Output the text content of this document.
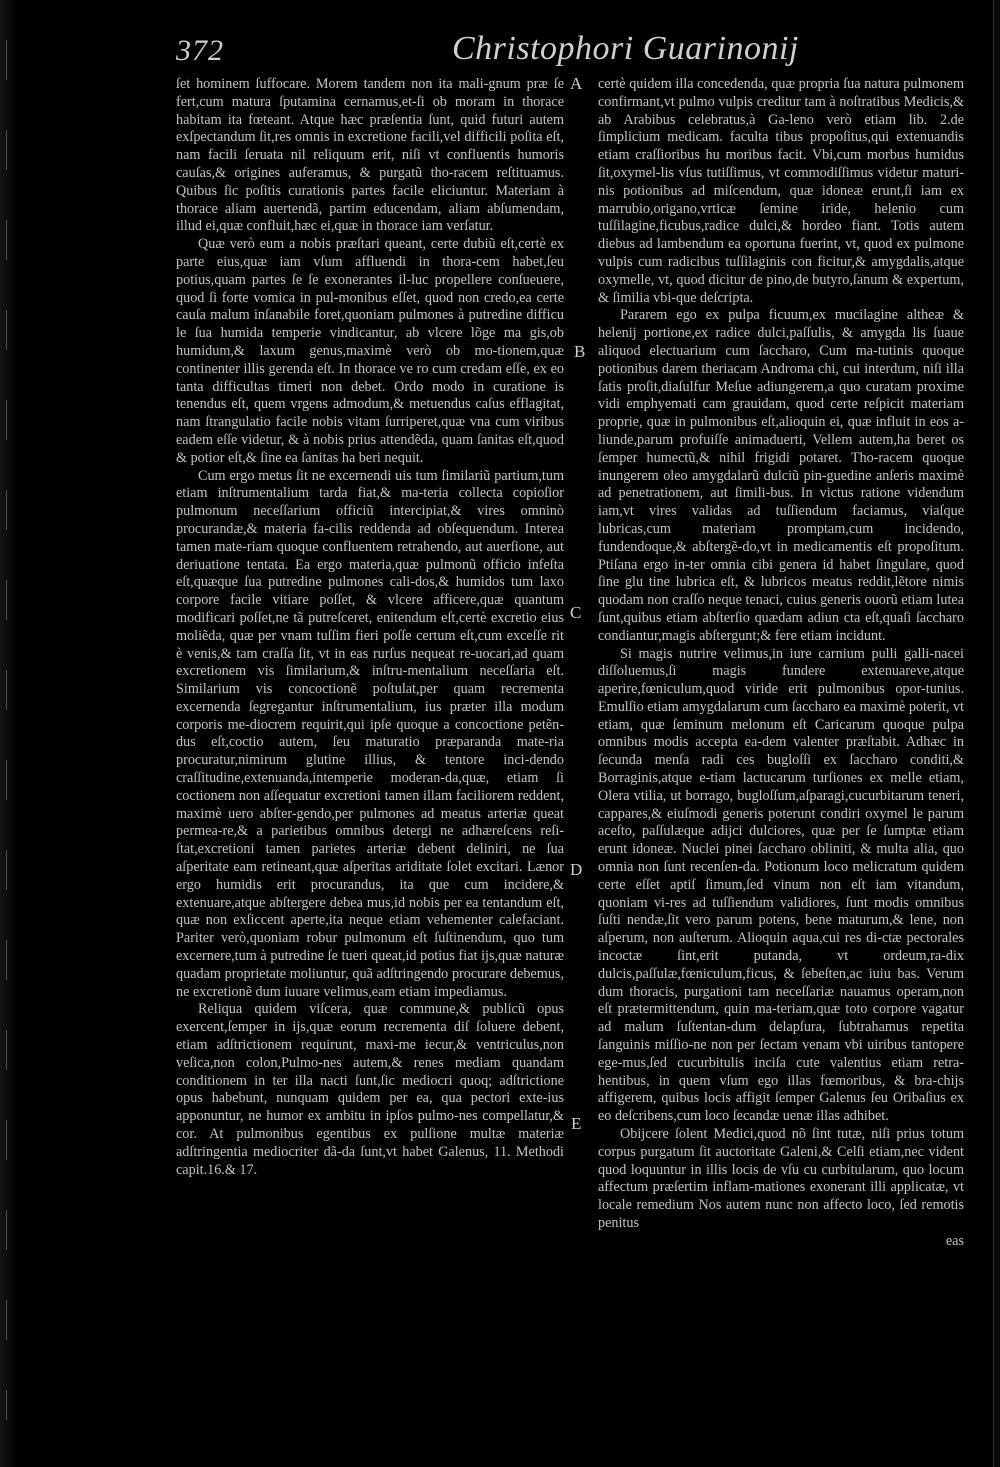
372	Christophori Guarinonij
A
B
C
D
E

ſet hominem ſuffocare. Morem tandem non ita mali-gnum præ ſe fert,cum matura ſputamina cernamus,et-ſi ob moram in thorace habitam ita fœteant. Atque hæc præſentia ſunt, quid futuri autem exſpectandum ſit,res omnis in excretione facili,vel difficili poſita eſt, nam facili ſeruata nil reliquum erit, niſi vt confluentis humoris cauſas,& origines auferamus, & purgatũ tho-racem reſtituamus. Quibus ſic poſitis curationis partes facile eliciuntur. Materiam à thorace aliam auertendã, partim educendam, aliam abſumendam, illud ei,quæ confluit,hæc ei,quæ in thorace iam verſatur.

Quæ verò eum a nobis præſtari queant, certe dubiũ eſt,certè ex parte eius,quæ iam vſum affluendi in thora-cem habet,ſeu potius,quam partes ſe ſe exonerantes il-luc propellere conſueuere, quod ſi forte vomica in pul-monibus eſſet, quod non credo,ea certe cauſa malum inſanabile foret,quoniam pulmones à putredine difficu le ſua humida temperie vindicantur, ab vlcere lõge ma gis,ob humidum,& laxum genus,maximè verò ob mo-tionem,quæ continenter illis gerenda eſt. In thorace ve ro cum credam eſſe, ex eo tanta difficultas timeri non debet. Ordo modo in curatione is tenendus eſt, quem vrgens admodum,& metuendus caſus efflagitat, nam ſtrangulatio facile nobis vitam ſurriperet,quæ vna cum viribus eadem eſſe videtur, & à nobis prius attendẽda, quam ſanitas eſt,quod & potior eſt,& ſine ea ſanitas ha beri nequit.

Cum ergo metus ſit ne excernendi uis tum ſimilariũ partium,tum etiam inſtrumentalium tarda fiat,& ma-teria collecta copioſior pulmonum neceſſarium officiũ intercipiat,& vires omninò procurandæ,& materia fa-cilis reddenda ad obſequendum. Interea tamen mate-riam quoque confluentem retrahendo, aut auerſione, aut deriuatione tentata. Ea ergo materia,quæ pulmonũ officio infeſta eſt,quæque ſua putredine pulmones cali-dos,& humidos tum laxo corpore facile vitiare poſſet, & vlcere afficere,quæ quantum modificari poſſet,ne tã putreſceret, enitendum eſt,certè excretio eius moliẽda, quæ per vnam tuſſim fieri poſſe certum eſt,cum exceſſe rit è venis,& tam craſſa ſit, vt in eas rurſus nequeat re-uocari,ad quam excretionem vis ſimilarium,& inſtru-mentalium neceſſaria eſt. Similarium vis concoctionẽ poſtulat,per quam recrementa excernenda ſegregantur inſtrumentalium, ius præter illa modum corporis me-diocrem requirit,qui ipſe quoque a concoctione petẽn-dus eſt,coctio autem, ſeu maturatio præparanda mate-ria procuratur,nimirum glutine illius, & tentore inci-dendo craſſitudine,extenuanda,intemperie moderan-da,quæ, etiam ſi coctionem non aſſequatur excretioni tamen illam faciliorem reddent, maximè uero abſter-gendo,per pulmones ad meatus arteriæ queat permea-re,& a parietibus omnibus detergi ne adhæreſcens reſi-ſtat,excretioni tamen parietes arteriæ debent deliniri, ne ſua aſperitate eam retineant,quæ aſperitas ariditate ſolet excitari. Lænor ergo humidis erit procurandus, ita que cum incidere,& extenuare,atque abſtergere debea mus,id nobis per ea tentandum eſt, quæ non exſiccent aperte,ita neque etiam vehementer calefaciant. Pariter verò,quoniam robur pulmonum eſt ſuſtinendum, quo tum excernere,tum à putredine ſe tueri queat,id potius fiat ijs,quæ naturæ quadam proprietate moliuntur, quã adſtringendo procurare debemus, ne excretionẽ dum iuuare velimus,eam etiam impediamus.

Reliqua quidem viſcera, quæ commune,& publicũ opus exercent,ſemper in ijs,quæ eorum recrementa diſ ſoluere debent, etiam adſtrictionem requirunt, maxi-me iecur,& ventriculus,non veſica,non colon,Pulmo-nes autem,& renes mediam quandam conditionem in ter illa nacti ſunt,ſic mediocri quoq; adſtrictione opus habebunt, nunquam quidem per ea, qua pectori exte-ius apponuntur, ne humor ex ambitu in ipſos pulmo-nes compellatur,& cor. At pulmonibus egentibus ex pulſione multæ materiæ adſtringentia mediocriter dã-da ſunt,vt habet Galenus, 11. Methodi capit.16.& 17.

certè quidem illa concedenda, quæ propria ſua natura pulmonem confirmant,vt pulmo vulpis creditur tam à noſtratibus Medicis,& ab Arabibus celebratus,à Ga-leno verò etiam lib. 2.de ſimplicium medicam. faculta tibus propoſitus,qui extenuandis etiam craſſioribus hu moribus facit. Vbi,cum morbus humidus ſit,oxymel-lis vſus tutiſſimus, vt commodiſſimus videtur maturi-nis potionibus ad miſcendum, quæ idoneæ erunt,ſi iam ex marrubio,origano,vrticæ ſemine iride, helenio cum tuſſilagine,ficubus,radice dulci,& hordeo fiant. Totis autem diebus ad lambendum ea oportuna fuerint, vt, quod ex pulmone vulpis cum radicibus tuſſilaginis con ficitur,& amygdalis,atque oxymelle, vt, quod dicitur de pino,de butyro,ſanum & expertum, & ſimilia vbi-que deſcripta.

Pararem ego ex pulpa ficuum,ex mucilagine altheæ & helenij portione,ex radice dulci,paſſulis, & amygda lis ſuaue aliquod electuarium cum ſaccharo, Cum ma-tutinis quoque potionibus darem theriacam Androma chi, cui interdum, niſi illa ſatis proſit,diaſulfur Meſue adiungerem,a quo curatam proxime vidi emphyemati cam grauidam, quod certe reſpicit materiam proprie, quæ in pulmonibus eſt,alioquin ei, quæ influit in eos a-liunde,parum profuiſſe animaduerti, Vellem autem,ha beret os ſemper humectũ,& nihil frigidi potaret. Tho-racem quoque inungerem oleo amygdalarũ dulciũ pin-guedine anſeris maximè ad penetrationem, aut ſimili-bus. In victus ratione videndum iam,vt vires validas ad tuſſiendum faciamus, viaſque lubricas,cum materiam promptam,cum incidendo, fundendoque,& abſtergẽ-do,vt in medicamentis eſt propoſitum. Ptiſana ergo in-ter omnia cibi genera id habet ſingulare, quod ſine glu tine lubrica eſt, & lubricos meatus reddit,lẽtore nimis quodam non craſſo neque tenaci, cuius generis ouorũ etiam lutea ſunt,quibus etiam abſterſio quædam adiun cta eſt,quaſi ſaccharo condiantur,magis abſtergunt;& fere etiam incidunt.

Si magis nutrire velimus,in iure carnium pulli galli-nacei diſſoluemus,ſi magis fundere extenuareve,atque aperire,fœniculum,quod viride erit pulmonibus opor-tunius. Emulſio etiam amygdalarum cum ſaccharo ea maximè poterit, vt etiam, quæ ſeminum melonum eſt Caricarum quoque pulpa omnibus modis accepta ea-dem valenter præſtabit. Adhæc in ſecunda menſa radi ces bugloſſi ex ſaccharo conditi,& Borraginis,atque e-tiam lactucarum turſiones ex melle etiam, Olera vtilia, ut borrago, bugloſſum,aſparagi,cucurbitarum teneri, cappares,& eiuſmodi generis poterunt condiri oxymel le parum aceſto, paſſulæque adijci dulciores, quæ per ſe ſumptæ etiam erunt idoneæ. Nuclei pinei ſaccharo obliniti, & multa alia, quo omnia non ſunt recenſen-da. Potionum loco melicratum quidem certe eſſet aptiſ ſimum,ſed vinum non eſt iam vitandum, quoniam vi-res ad tuſſiendum validiores, ſunt modis omnibus ſuſti nendæ,ſit vero parum potens, bene maturum,& lene, non aſperum, non auſterum. Alioquin aqua,cui res di-ctæ pectorales incoctæ ſint,erit putanda, vt ordeum,ra-dix dulcis,paſſulæ,fœniculum,ficus, & ſebeſten,ac iuiu bas. Verum dum thoracis, purgationi tam neceſſariæ nauamus operam,non eſt prætermittendum, quin ma-teriam,quæ toto corpore vagatur ad malum ſuſtentan-dum delapſura, ſubtrahamus repetita ſanguinis miſſio-ne non per ſectam venam vbi uiribus tantopere ege-mus,ſed cucurbitulis inciſa cute valentius etiam retra-hentibus, in quem vſum ego illas fœmoribus, & bra-chijs affigerem, quibus locis affigit ſemper Galenus ſeu Oribaſius ex eo deſcribens,cum loco ſecandæ uenæ illas adhibet.

Obijcere ſolent Medici,quod nõ ſint tutæ, niſi prius totum corpus purgatum ſit auctoritate Galeni,& Celſi etiam,nec vident quod loquuntur in illis locis de vſu cu curbitularum, quo locum affectum præſertim inflam-mationes exonerant illi applicatæ, vt locale remedium Nos autem nunc non affecto loco, ſed remotis penitus

eas
